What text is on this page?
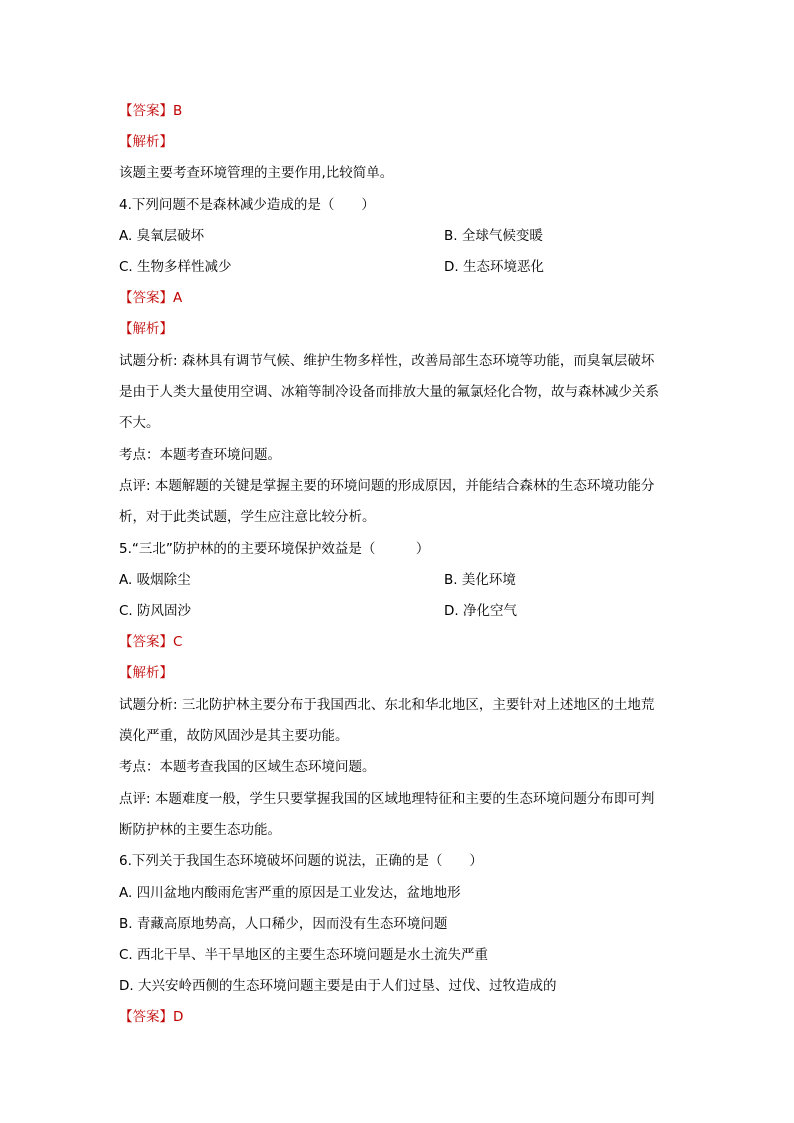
【答案】B
【解析】
该题主要考查环境管理的主要作用,比较简单。
4.下列问题不是森林减少造成的是（　　）
A. 臭氧层破坏	B. 全球气候变暖
C. 生物多样性减少	D. 生态环境恶化
【答案】A
【解析】
试题分析: 森林具有调节气候、维护生物多样性，改善局部生态环境等功能，而臭氧层破坏
是由于人类大量使用空调、冰箱等制冷设备而排放大量的氟氯烃化合物，故与森林减少关系
不大。
考点：本题考查环境问题。
点评: 本题解题的关键是掌握主要的环境问题的形成原因，并能结合森林的生态环境功能分
析，对于此类试题，学生应注意比较分析。
5.“三北”防护林的的主要环境保护效益是（　　　）
A. 吸烟除尘	B. 美化环境
C. 防风固沙	D. 净化空气
【答案】C
【解析】
试题分析: 三北防护林主要分布于我国西北、东北和华北地区，主要针对上述地区的土地荒
漠化严重，故防风固沙是其主要功能。
考点：本题考查我国的区域生态环境问题。
点评: 本题难度一般，学生只要掌握我国的区域地理特征和主要的生态环境问题分布即可判
断防护林的主要生态功能。
6.下列关于我国生态环境破坏问题的说法，正确的是（　　）
A. 四川盆地内酸雨危害严重的原因是工业发达，盆地地形
B. 青藏高原地势高，人口稀少，因而没有生态环境问题
C. 西北干旱、半干旱地区的主要生态环境问题是水土流失严重
D. 大兴安岭西侧的生态环境问题主要是由于人们过垦、过伐、过牧造成的
【答案】D
